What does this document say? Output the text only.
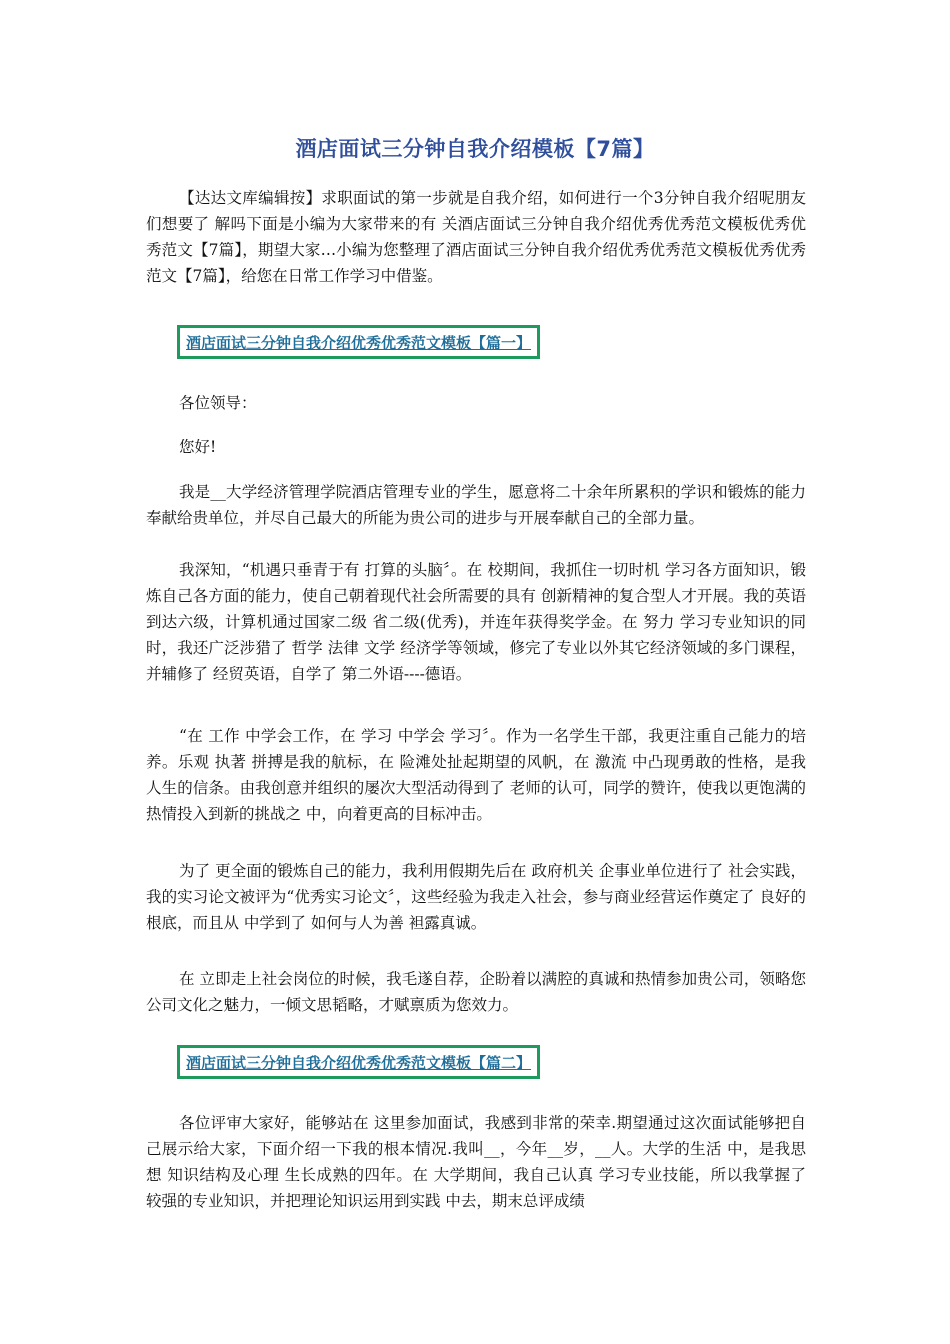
酒店面试三分钟自我介绍模板【7篇】

【达达文库编辑按】求职面试的第一步就是自我介绍，如何进行一个3分钟自我介绍呢朋友们想要了 解吗下面是小编为大家带来的有 关酒店面试三分钟自我介绍优秀优秀范文模板优秀优秀范文【7篇】，期望大家…小编为您整理了酒店面试三分钟自我介绍优秀优秀范文模板优秀优秀范文【7篇】，给您在日常工作学习中借鉴。

酒店面试三分钟自我介绍优秀优秀范文模板【篇一】

各位领导：

您好!

我是__大学经济管理学院酒店管理专业的学生，愿意将二十余年所累积的学识和锻炼的能力奉献给贵单位，并尽自己最大的所能为贵公司的进步与开展奉献自己的全部力量。

我深知，“机遇只垂青于有 打算的头脑〞。在 校期间，我抓住一切时机 学习各方面知识，锻炼自己各方面的能力，使自己朝着现代社会所需要的具有 创新精神的复合型人才开展。我的英语到达六级，计算机通过国家二级 省二级(优秀)，并连年获得奖学金。在 努力 学习专业知识的同时，我还广泛涉猎了 哲学 法律 文学 经济学等领域，修完了专业以外其它经济领域的多门课程，并辅修了 经贸英语，自学了 第二外语----德语。

“在 工作 中学会工作，在 学习 中学会 学习〞。作为一名学生干部，我更注重自己能力的培养。乐观 执著 拼搏是我的航标，在 险滩处扯起期望的风帆，在 激流 中凸现勇敢的性格，是我人生的信条。由我创意并组织的屡次大型活动得到了 老师的认可，同学的赞许，使我以更饱满的热情投入到新的挑战之 中，向着更高的目标冲击。

为了 更全面的锻炼自己的能力，我利用假期先后在 政府机关 企事业单位进行了 社会实践，我的实习论文被评为“优秀实习论文〞，这些经验为我走入社会，参与商业经营运作奠定了 良好的根底，而且从 中学到了 如何与人为善 袒露真诚。

在 立即走上社会岗位的时候，我毛遂自荐，企盼着以满腔的真诚和热情参加贵公司，领略您公司文化之魅力，一倾文思韬略，才赋禀质为您效力。

酒店面试三分钟自我介绍优秀优秀范文模板【篇二】

各位评审大家好，能够站在 这里参加面试，我感到非常的荣幸.期望通过这次面试能够把自己展示给大家，下面介绍一下我的根本情况.我叫__，今年__岁，__人。大学的生活 中，是我思想 知识结构及心理 生长成熟的四年。在 大学期间，我自己认真 学习专业技能，所以我掌握了 较强的专业知识，并把理论知识运用到实践 中去，期末总评成绩
